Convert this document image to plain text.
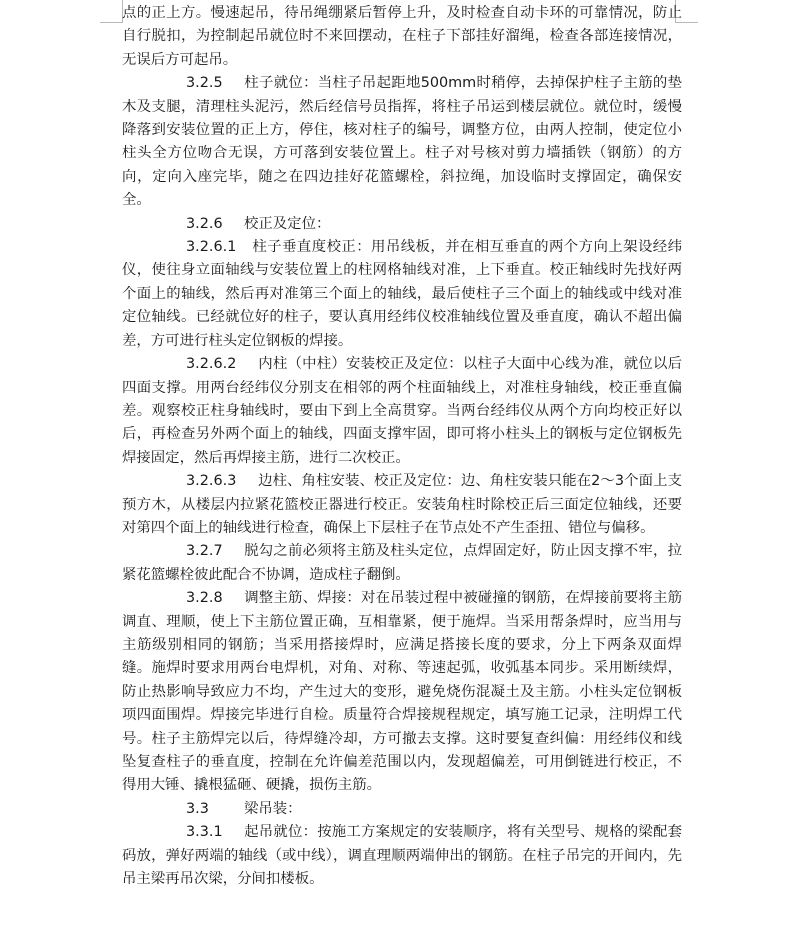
点的正上方。慢速起吊，待吊绳绷紧后暂停上升，及时检查自动卡环的可靠情况，防止自行脱扣，为控制起吊就位时不来回摆动，在柱子下部挂好溜绳，检查各部连接情况，无误后方可起吊。

3.2.5 柱子就位：当柱子吊起距地500mm时稍停，去掉保护柱子主筋的垫木及支腿，清理柱头泥污，然后经信号员指挥，将柱子吊运到楼层就位。就位时，缓慢降落到安装位置的正上方，停住，核对柱子的编号，调整方位，由两人控制，使定位小柱头全方位吻合无误，方可落到安装位置上。柱子对号核对剪力墙插铁（钢筋）的方向，定向入座完毕，随之在四边挂好花篮螺栓，斜拉绳，加设临时支撑固定，确保安全。

3.2.6 校正及定位：

3.2.6.1 柱子垂直度校正：用吊线板，并在相互垂直的两个方向上架设经纬仪，使往身立面轴线与安装位置上的柱网格轴线对准，上下垂直。校正轴线时先找好两个面上的轴线，然后再对准第三个面上的轴线，最后使柱子三个面上的轴线或中线对准定位轴线。已经就位好的柱子，要认真用经纬仪校准轴线位置及垂直度，确认不超出偏差，方可进行柱头定位钢板的焊接。

3.2.6.2 内柱（中柱）安装校正及定位：以柱子大面中心线为准，就位以后四面支撑。用两台经纬仪分别支在相邻的两个柱面轴线上，对准柱身轴线，校正垂直偏差。观察校正柱身轴线时，要由下到上全高贯穿。当两台经纬仪从两个方向均校正好以后，再检查另外两个面上的轴线，四面支撑牢固，即可将小柱头上的钢板与定位钢板先焊接固定，然后再焊接主筋，进行二次校正。

3.2.6.3 边柱、角柱安装、校正及定位：边、角柱安装只能在2～3个面上支预方木，从楼层内拉紧花篮校正器进行校正。安装角柱时除校正后三面定位轴线，还要对第四个面上的轴线进行检查，确保上下层柱子在节点处不产生歪扭、错位与偏移。

3.2.7 脱勾之前必须将主筋及柱头定位，点焊固定好，防止因支撑不牢，拉紧花篮螺栓彼此配合不协调，造成柱子翻倒。

3.2.8 调整主筋、焊接：对在吊装过程中被碰撞的钢筋，在焊接前要将主筋调直、理顺，使上下主筋位置正确，互相靠紧，便于施焊。当采用帮条焊时，应当用与主筋级别相同的钢筋；当采用搭接焊时，应满足搭接长度的要求，分上下两条双面焊缝。施焊时要求用两台电焊机，对角、对称、等速起弧，收弧基本同步。采用断续焊，防止热影响导致应力不均，产生过大的变形，避免烧伤混凝土及主筋。小柱头定位钢板项四面围焊。焊接完毕进行自检。质量符合焊接规程规定，填写施工记录，注明焊工代号。柱子主筋焊完以后，待焊缝冷却，方可撤去支撑。这时要复查纠偏：用经纬仪和线坠复查柱子的垂直度，控制在允许偏差范围以内，发现超偏差，可用倒链进行校正，不得用大锤、撬根猛砸、硬撬，损伤主筋。

3.3 梁吊装：

3.3.1 起吊就位：按施工方案规定的安装顺序，将有关型号、规格的梁配套码放，弹好两端的轴线（或中线），调直理顺两端伸出的钢筋。在柱子吊完的开间内，先吊主梁再吊次梁，分间扣楼板。
